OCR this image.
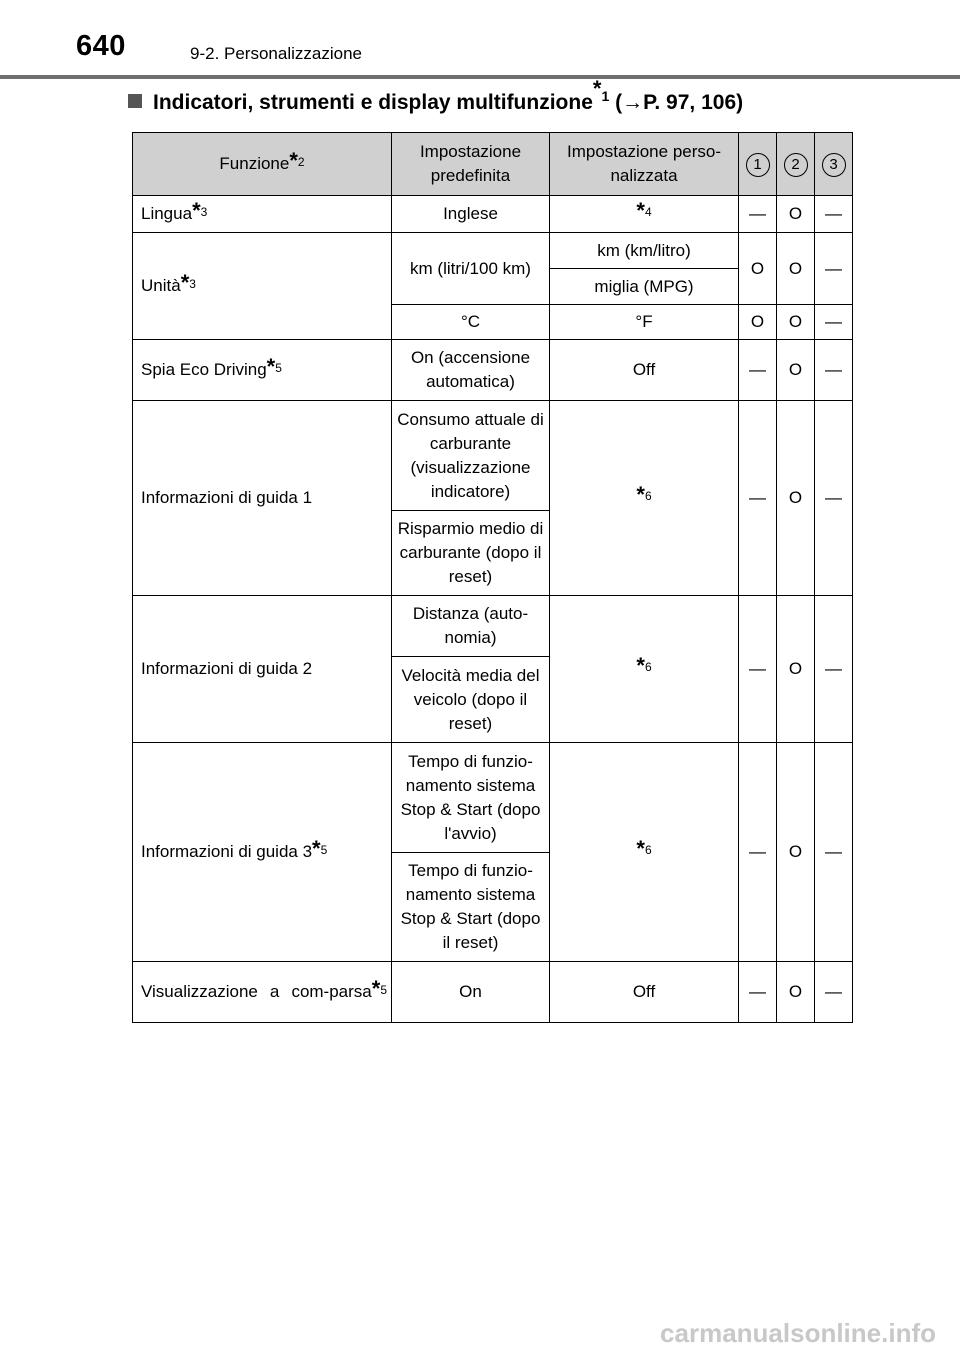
640	9-2. Personalizzazione
Indicatori, strumenti e display multifunzione$^{*1}$ (→P. 97, 106)
Funzione*$^2$	Impostazione predefinita	Impostazione perso-nalizzata	1	2	3
Lingua*$^3$	Inglese	*$^4$	—	O	—
Unità*$^3$	km (litri/100 km)	km (km/litro)	O	O	—
		miglia (MPG)			
	°C	°F	O	O	—
Spia Eco Driving*$^5$	On (accensione automatica)	Off	—	O	—
Informazioni di guida 1	Consumo attuale di carburante (visualizzazione indicatore)	*$^6$	—	O	—
	Risparmio medio di carburante (dopo il reset)				
Informazioni di guida 2	Distanza (auto-nomia)	*$^6$	—	O	—
	Velocità media del veicolo (dopo il reset)				
Informazioni di guida 3*$^5$	Tempo di funzio-namento sistema Stop & Start (dopo l'avvio)	*$^6$	—	O	—
	Tempo di funzio-namento sistema Stop & Start (dopo il reset)				
Visualizzazione a com-parsa*$^5$	On	Off	—	O	—
carmanualsonline.info
